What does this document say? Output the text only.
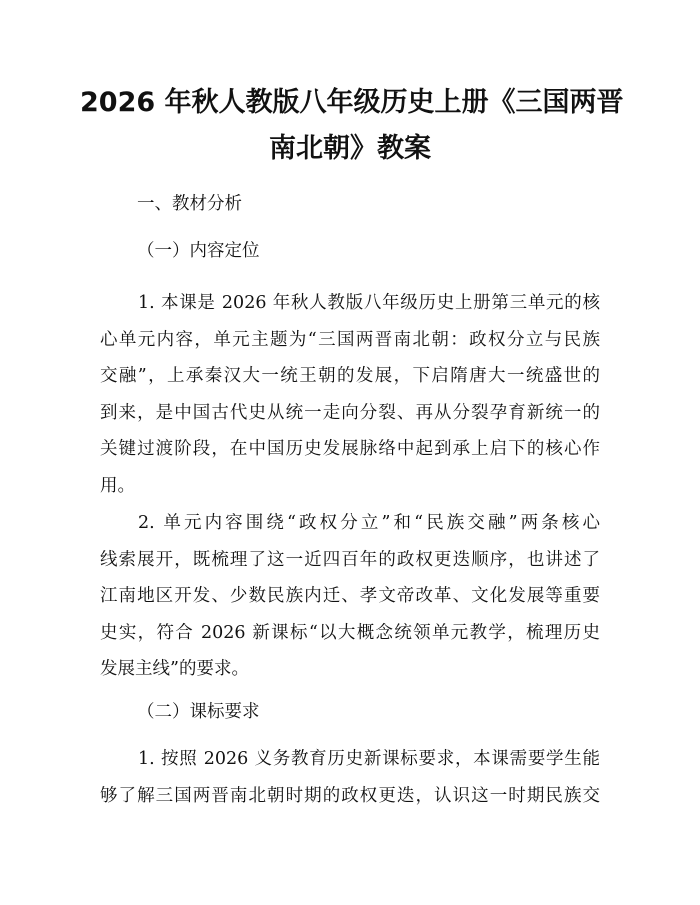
2026 年秋人教版八年级历史上册《三国两晋
南北朝》教案

一、教材分析

（一）内容定位

1. 本课是 2026 年秋人教版八年级历史上册第三单元的核
心单元内容，单元主题为“三国两晋南北朝：政权分立与民族
交融”，上承秦汉大一统王朝的发展，下启隋唐大一统盛世的
到来，是中国古代史从统一走向分裂、再从分裂孕育新统一的
关键过渡阶段，在中国历史发展脉络中起到承上启下的核心作
用。
2. 单元内容围绕“政权分立”和“民族交融”两条核心
线索展开，既梳理了这一近四百年的政权更迭顺序，也讲述了
江南地区开发、少数民族内迁、孝文帝改革、文化发展等重要
史实，符合 2026 新课标“以大概念统领单元教学，梳理历史
发展主线”的要求。

（二）课标要求

1. 按照 2026 义务教育历史新课标要求，本课需要学生能
够了解三国两晋南北朝时期的政权更迭，认识这一时期民族交
